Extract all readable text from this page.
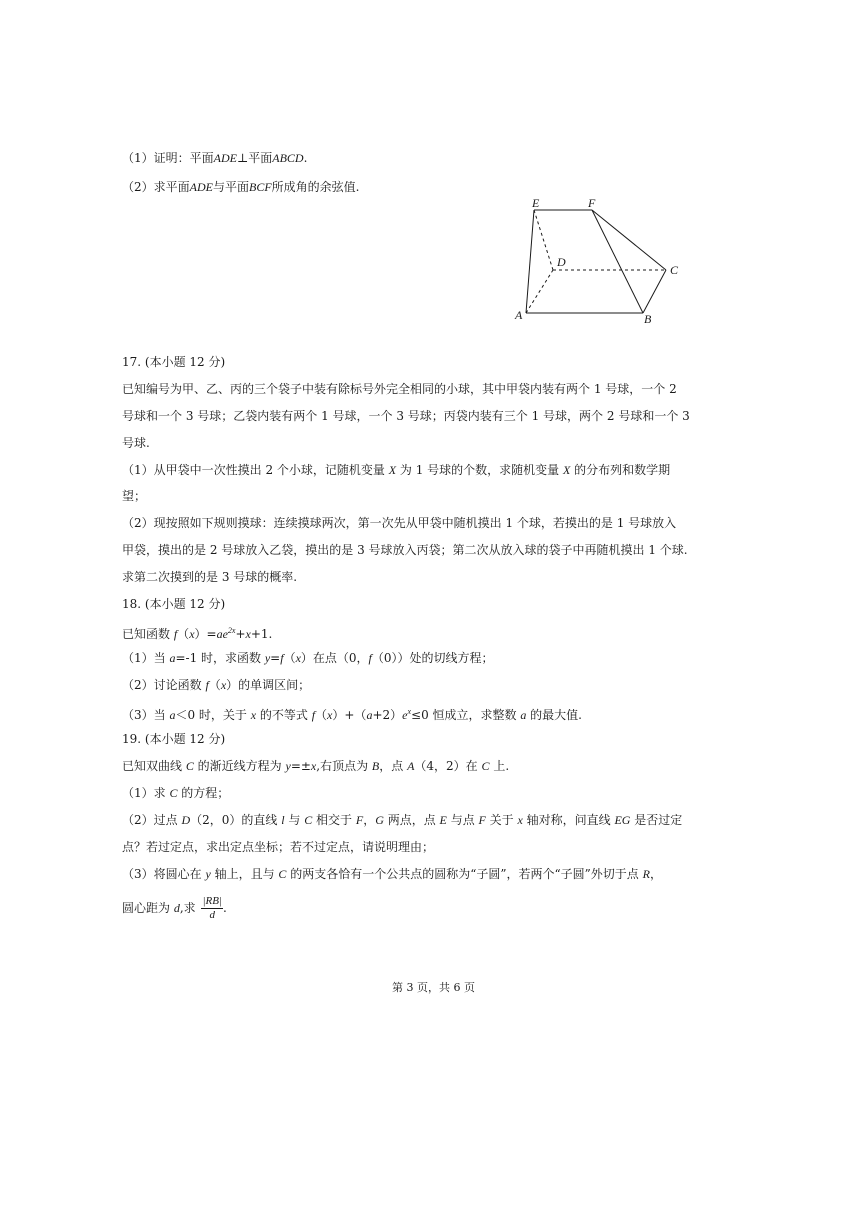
（1）证明：平面ADE⊥平面ABCD.
（2）求平面ADE与平面BCF所成角的余弦值.
E	F
D
C
A	B
17. (本小题 12 分)
已知编号为甲、乙、丙的三个袋子中装有除标号外完全相同的小球，其中甲袋内装有两个 1 号球，一个 2
号球和一个 3 号球；乙袋内装有两个 1 号球，一个 3 号球；丙袋内装有三个 1 号球，两个 2 号球和一个 3
号球.
（1）从甲袋中一次性摸出 2 个小球，记随机变量 X 为 1 号球的个数，求随机变量 X 的分布列和数学期
望；
（2）现按照如下规则摸球：连续摸球两次，第一次先从甲袋中随机摸出 1 个球，若摸出的是 1 号球放入
甲袋，摸出的是 2 号球放入乙袋，摸出的是 3 号球放入丙袋；第二次从放入球的袋子中再随机摸出 1 个球.
求第二次摸到的是 3 号球的概率.
18. (本小题 12 分)
已知函数 $f(x)=ae^{2x}+x+1$.
（1）当 a=-1 时，求函数 y=f（x）在点（0，f（0））处的切线方程；
（2）讨论函数 f（x）的单调区间；
（3）当 a＜0 时，关于 x 的不等式 $f(x)+(a+2)e^x\le 0$ 恒成立，求整数 a 的最大值.
19. (本小题 12 分)
已知双曲线 C 的渐近线方程为 y=±x,右顶点为 B，点 A（4，2）在 C 上.
（1）求 C 的方程；
（2）过点 D（2，0）的直线 l 与 C 相交于 F，G 两点，点 E 与点 F 关于 x 轴对称，问直线 EG 是否过定
点？若过定点，求出定点坐标；若不过定点，请说明理由；
（3）将圆心在 y 轴上，且与 C 的两支各恰有一个公共点的圆称为“子圆”，若两个“子圆”外切于点 R，
圆心距为 d,求 $\frac{|RB|}{d}$ .
第 3 页，共 6 页
